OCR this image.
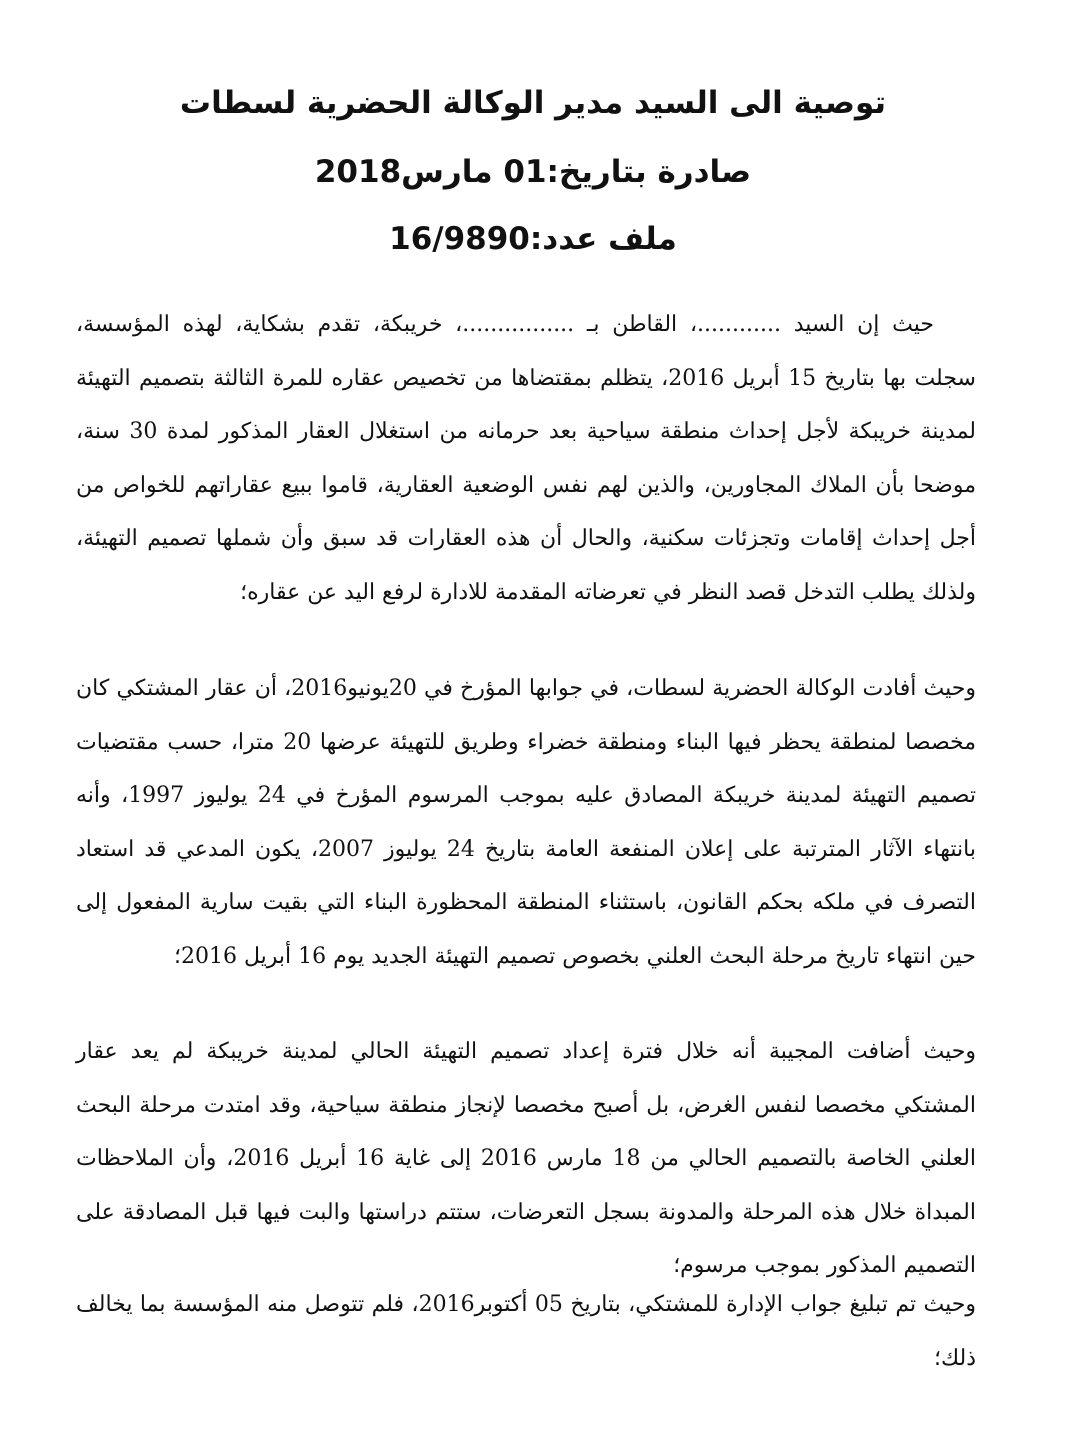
توصية الى السيد مدير الوكالة الحضرية لسطات
صادرة بتاريخ:01 مارس2018
ملف عدد:16/9890

حيث إن السيد ............، القاطن بـ ................، خريبكة، تقدم بشكاية، لهذه المؤسسة، سجلت بها بتاريخ 15 أبريل 2016، يتظلم بمقتضاها من تخصيص عقاره للمرة الثالثة بتصميم التهيئة لمدينة خريبكة لأجل إحداث منطقة سياحية بعد حرمانه من استغلال العقار المذكور لمدة 30 سنة، موضحا بأن الملاك المجاورين، والذين لهم نفس الوضعية العقارية، قاموا ببيع عقاراتهم للخواص من أجل إحداث إقامات وتجزئات سكنية، والحال أن هذه العقارات قد سبق وأن شملها تصميم التهيئة، ولذلك يطلب التدخل قصد النظر في تعرضاته المقدمة للادارة لرفع اليد عن عقاره؛

وحيث أفادت الوكالة الحضرية لسطات، في جوابها المؤرخ في 20يونيو2016، أن عقار المشتكي كان مخصصا لمنطقة يحظر فيها البناء ومنطقة خضراء وطريق للتهيئة عرضها 20 مترا، حسب مقتضيات تصميم التهيئة لمدينة خريبكة المصادق عليه بموجب المرسوم المؤرخ في 24 يوليوز 1997، وأنه بانتهاء الآثار المترتبة على إعلان المنفعة العامة بتاريخ 24 يوليوز 2007، يكون المدعي قد استعاد التصرف في ملكه بحكم القانون، باستثناء المنطقة المحظورة البناء التي بقيت سارية المفعول إلى حين انتهاء تاريخ مرحلة البحث العلني بخصوص تصميم التهيئة الجديد يوم 16 أبريل 2016؛

وحيث أضافت المجيبة أنه خلال فترة إعداد تصميم التهيئة الحالي لمدينة خريبكة لم يعد عقار المشتكي مخصصا لنفس الغرض، بل أصبح مخصصا لإنجاز منطقة سياحية، وقد امتدت مرحلة البحث العلني الخاصة بالتصميم الحالي من 18 مارس 2016 إلى غاية 16 أبريل 2016، وأن الملاحظات المبداة خلال هذه المرحلة والمدونة بسجل التعرضات، ستتم دراستها والبت فيها قبل المصادقة على التصميم المذكور بموجب مرسوم؛

وحيث تم تبليغ جواب الإدارة للمشتكي، بتاريخ 05 أكتوبر2016، فلم تتوصل منه المؤسسة بما يخالف ذلك؛
